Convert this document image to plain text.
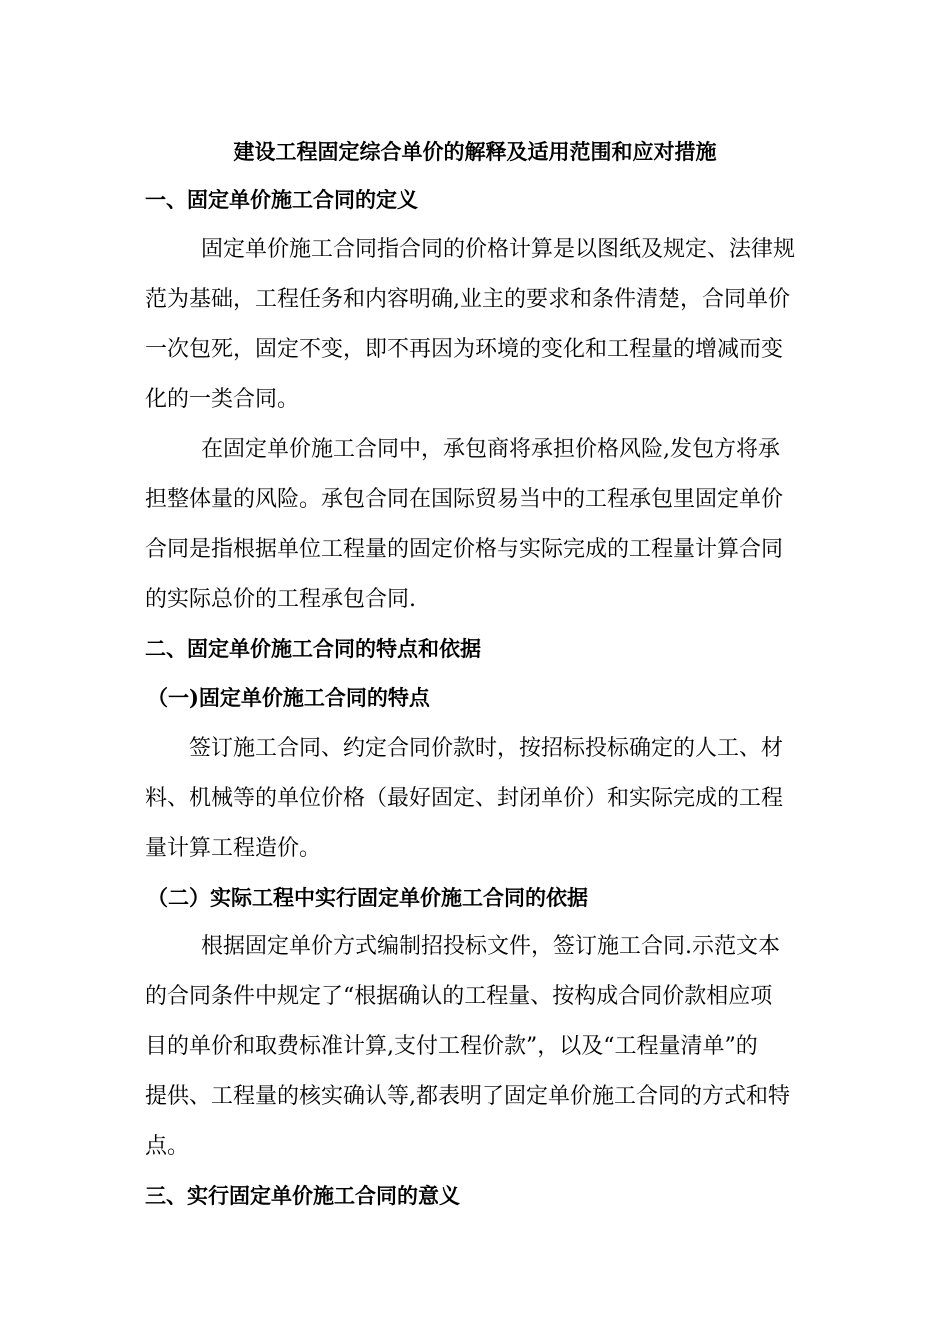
建设工程固定综合单价的解释及适用范围和应对措施
一、固定单价施工合同的定义
固定单价施工合同指合同的价格计算是以图纸及规定、法律规
范为基础，工程任务和内容明确,业主的要求和条件清楚，合同单价
一次包死，固定不变，即不再因为环境的变化和工程量的增减而变
化的一类合同。
在固定单价施工合同中，承包商将承担价格风险,发包方将承
担整体量的风险。承包合同在国际贸易当中的工程承包里固定单价
合同是指根据单位工程量的固定价格与实际完成的工程量计算合同
的实际总价的工程承包合同.
二、固定单价施工合同的特点和依据
（一)固定单价施工合同的特点
签订施工合同、约定合同价款时，按招标投标确定的人工、材
料、机械等的单位价格（最好固定、封闭单价）和实际完成的工程
量计算工程造价。
（二）实际工程中实行固定单价施工合同的依据
根据固定单价方式编制招投标文件，签订施工合同.示范文本
的合同条件中规定了“根据确认的工程量、按构成合同价款相应项
目的单价和取费标准计算,支付工程价款”，以及“工程量清单”的
提供、工程量的核实确认等,都表明了固定单价施工合同的方式和特
点。
三、实行固定单价施工合同的意义
